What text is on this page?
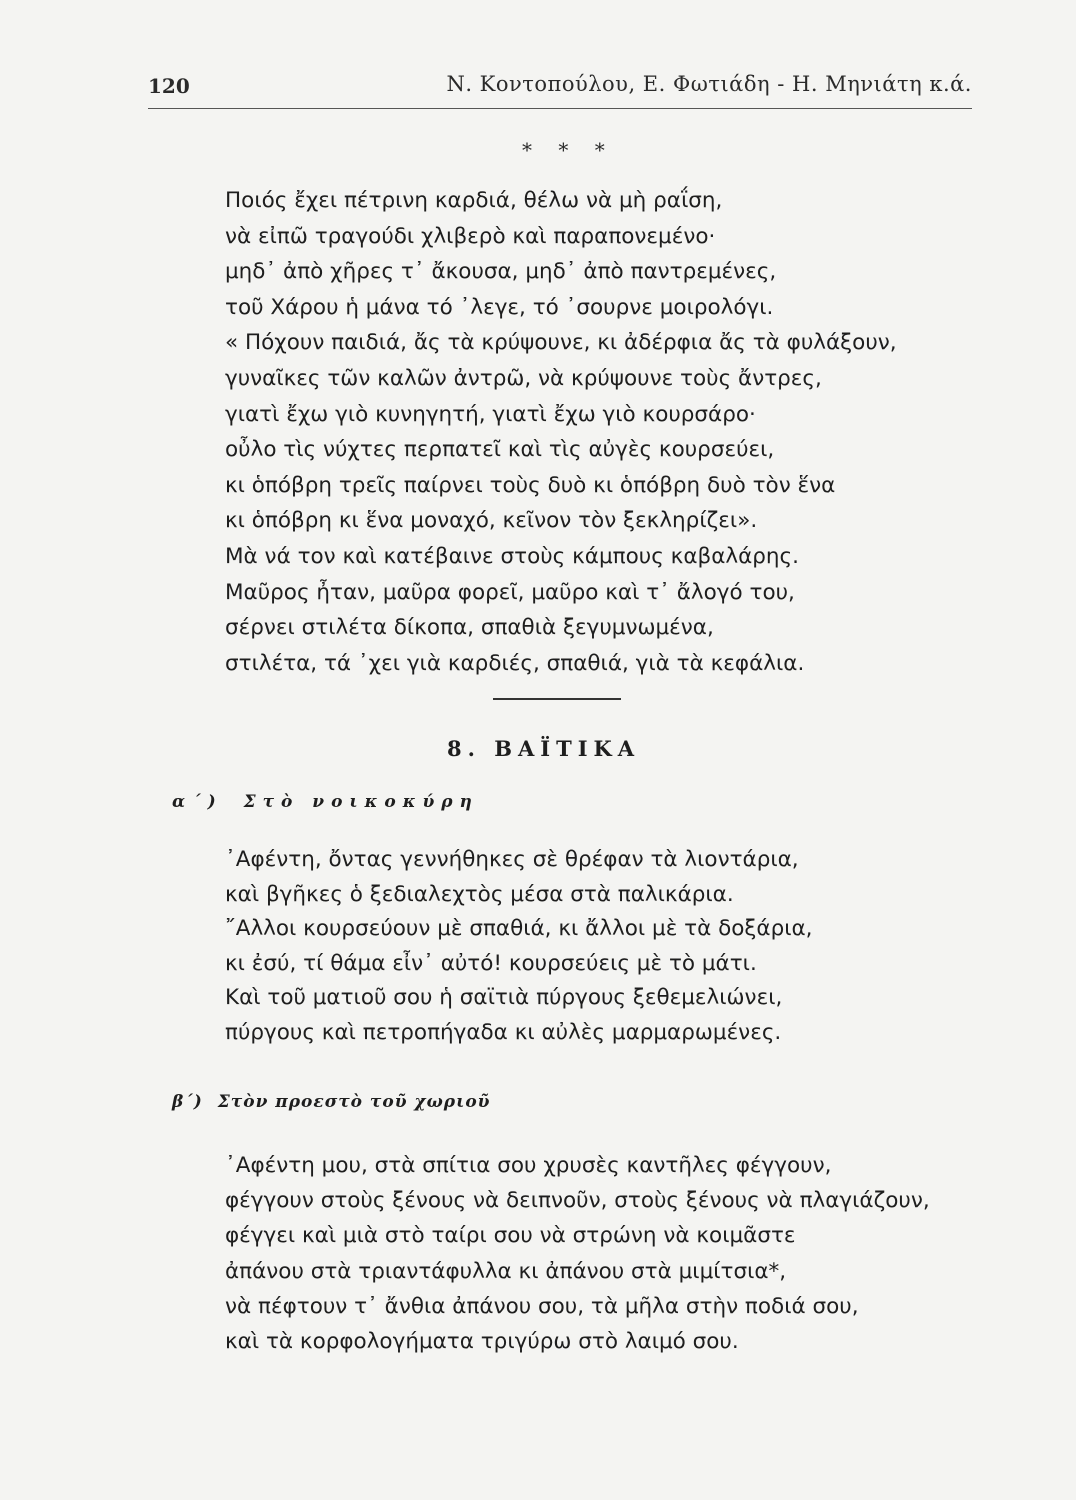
120	Ν. Κοντοπούλου, Ε. Φωτιάδη - Η. Μηνιάτη κ.ά.
* * *
Ποιός ἔχει πέτρινη καρδιά, θέλω νὰ μὴ ραΐση,
νὰ εἰπῶ τραγούδι χλιβερὸ καὶ παραπονεμένο·
μηδ᾽ ἀπὸ χῆρες τ᾽ ἄκουσα, μηδ᾽ ἀπὸ παντρεμένες,
τοῦ Χάρου ἡ μάνα τό ᾽λεγε, τό ᾽σουρνε μοιρολόγι.
« Πόχουν παιδιά, ἄς τὰ κρύψουνε, κι ἀδέρφια ἄς τὰ φυλάξουν,
γυναῖκες τῶν καλῶν ἀντρῶ, νὰ κρύψουνε τοὺς ἄντρες,
γιατὶ ἔχω γιὸ κυνηγητή, γιατὶ ἔχω γιὸ κουρσάρο·
οὖλο τὶς νύχτες περπατεῖ καὶ τὶς αὐγὲς κουρσεύει,
κι ὁπόβρη τρεῖς παίρνει τοὺς δυὸ κι ὁπόβρη δυὸ τὸν ἕνα
κι ὁπόβρη κι ἕνα μοναχό, κεῖνον τὸν ξεκληρίζει».
Μὰ νά τον καὶ κατέβαινε στοὺς κάμπους καβαλάρης.
Μαῦρος ἦταν, μαῦρα φορεῖ, μαῦρο καὶ τ᾽ ἄλογό του,
σέρνει στιλέτα δίκοπα, σπαθιὰ ξεγυμνωμένα,
στιλέτα, τά ᾽χει γιὰ καρδιές, σπαθιά, γιὰ τὰ κεφάλια.
8. ΒΑΪΤΙΚΑ
α΄) Στὸ νοικοκύρη
᾽Αφέντη, ὄντας γεννήθηκες σὲ θρέφαν τὰ λιοντάρια,
καὶ βγῆκες ὁ ξεδιαλεχτὸς μέσα στὰ παλικάρια.
῎Αλλοι κουρσεύουν μὲ σπαθιά, κι ἄλλοι μὲ τὰ δοξάρια,
κι ἐσύ, τί θάμα εἶν᾽ αὐτό! κουρσεύεις μὲ τὸ μάτι.
Καὶ τοῦ ματιοῦ σου ἡ σαϊτιὰ πύργους ξεθεμελιώνει,
πύργους καὶ πετροπήγαδα κι αὐλὲς μαρμαρωμένες.
β΄) Στὸν προεστὸ τοῦ χωριοῦ
᾽Αφέντη μου, στὰ σπίτια σου χρυσὲς καντῆλες φέγγουν,
φέγγουν στοὺς ξένους νὰ δειπνοῦν, στοὺς ξένους νὰ πλαγιάζουν,
φέγγει καὶ μιὰ στὸ ταίρι σου νὰ στρώνη νὰ κοιμᾶστε
ἀπάνου στὰ τριαντάφυλλα κι ἀπάνου στὰ μιμίτσια*,
νὰ πέφτουν τ᾽ ἄνθια ἀπάνου σου, τὰ μῆλα στὴν ποδιά σου,
καὶ τὰ κορφολογήματα τριγύρω στὸ λαιμό σου.
